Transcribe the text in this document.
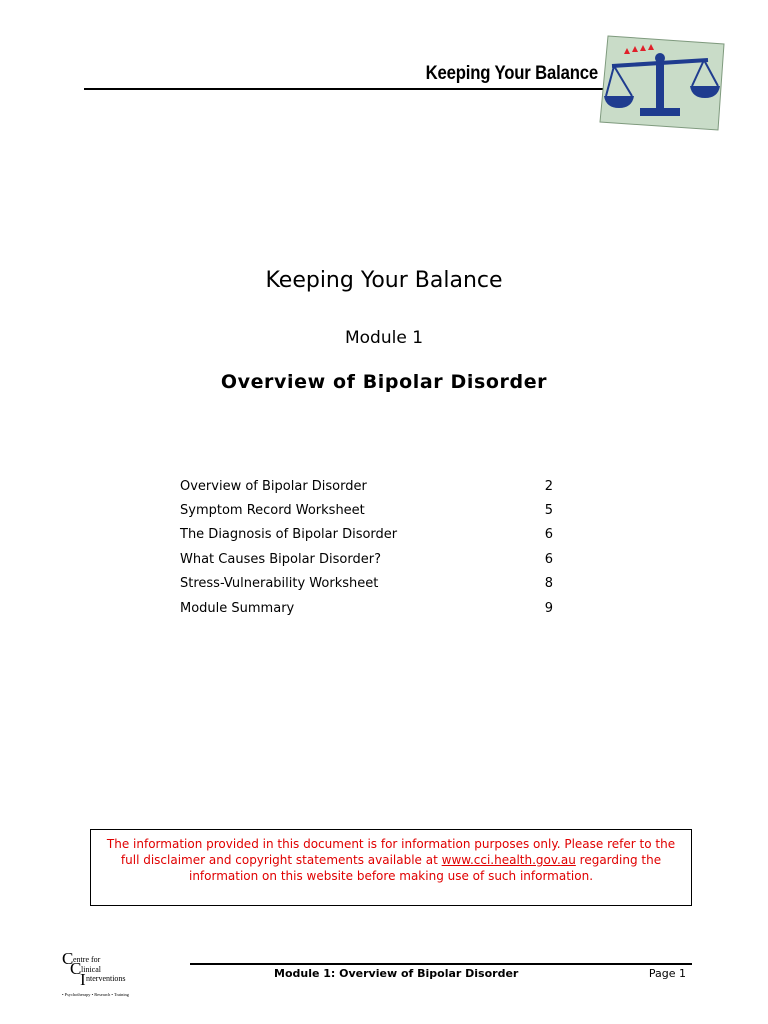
Keeping Your Balance
Keeping Your Balance
Module 1
Overview of Bipolar Disorder
Overview of Bipolar Disorder	2
Symptom Record Worksheet	5
The Diagnosis of Bipolar Disorder	6
What Causes Bipolar Disorder?	6
Stress-Vulnerability Worksheet	8
Module Summary	9
The information provided in this document is for information purposes only. Please refer to the full disclaimer and copyright statements available at www.cci.health.gov.au regarding the information on this website before making use of such information.
C entre for
C linical
I nterventions
• Psychotherapy • Research • Training
Module 1: Overview of Bipolar Disorder	Page 1
